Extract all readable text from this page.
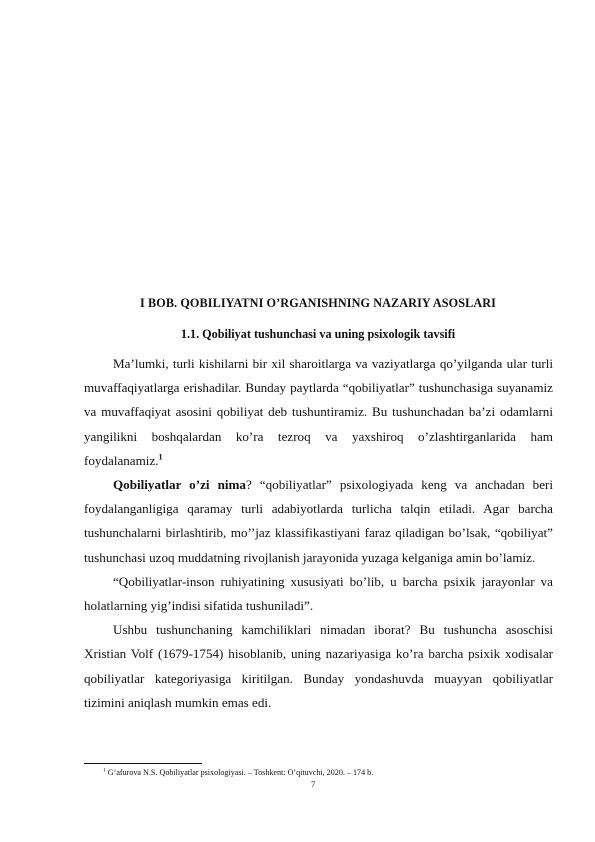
I BOB. QOBILIYATNI O’RGANISHNING NAZARIY ASOSLARI
1.1. Qobiliyat tushunchasi va uning psixologik tavsifi

Ma’lumki, turli kishilarni bir xil sharoitlarga va vaziyatlarga qo’yilganda ular turli muvaffaqiyatlarga erishadilar. Bunday paytlarda “qobiliyatlar” tushunchasiga suyanamiz va muvaffaqiyat asosini qobiliyat deb tushuntiramiz. Bu tushunchadan ba’zi odamlarni yangilikni boshqalardan ko’ra tezroq va yaxshiroq o’zlashtirganlarida ham foydalanamiz.$^1$

Qobiliyatlar o’zi nima? “qobiliyatlar” psixologiyada keng va anchadan beri foydalanganligiga qaramay turli adabiyotlarda turlicha talqin etiladi. Agar barcha tushunchalarni birlashtirib, mo’’jaz klassifikastiyani faraz qiladigan bo’lsak, “qobiliyat” tushunchasi uzoq muddatning rivojlanish jarayonida yuzaga kelganiga amin bo’lamiz.

“Qobiliyatlar-inson ruhiyatining xususiyati bo’lib, u barcha psixik jarayonlar va holatlarning yig’indisi sifatida tushuniladi”.

Ushbu tushunchaning kamchiliklari nimadan iborat? Bu tushuncha asoschisi Xristian Volf (1679-1754) hisoblanib, uning nazariyasiga ko’ra barcha psixik xodisalar qobiliyatlar kategoriyasiga kiritilgan. Bunday yondashuvda muayyan qobiliyatlar tizimini aniqlash mumkin emas edi.

$^1$ G’afurova N.S. Qobiliyatlar psixologiyasi. – Toshkent: O’qituvchi, 2020. – 174 b.
7
